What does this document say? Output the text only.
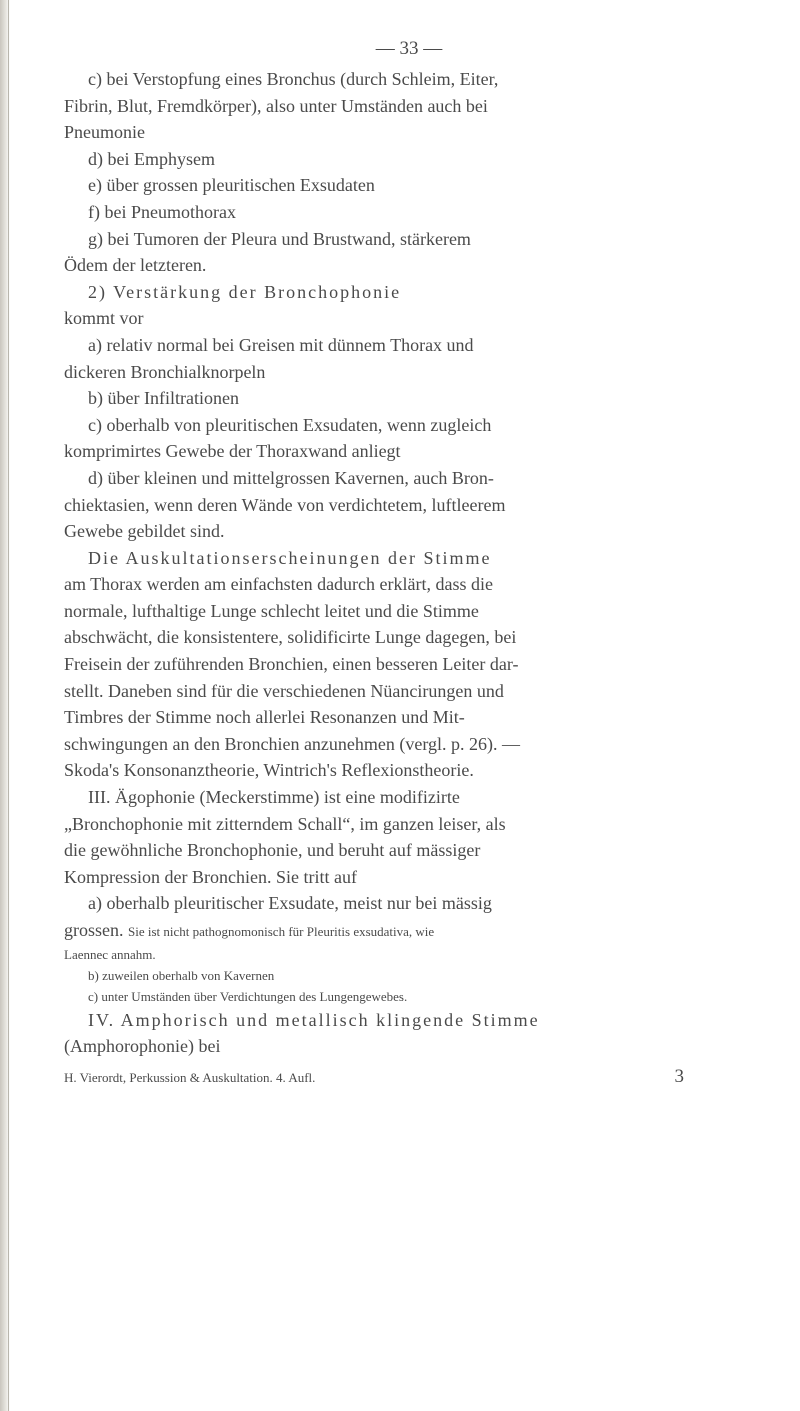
— 33 —
c) bei Verstopfung eines Bronchus (durch Schleim, Eiter,
Fibrin, Blut, Fremdkörper), also unter Umständen auch bei
Pneumonie
d) bei Emphysem
e) über grossen pleuritischen Exsudaten
f) bei Pneumothorax
g) bei Tumoren der Pleura und Brustwand, stärkerem
Ödem der letzteren.
2) Verstärkung der Bronchophonie
kommt vor
a) relativ normal bei Greisen mit dünnem Thorax und
dickeren Bronchialknorpeln
b) über Infiltrationen
c) oberhalb von pleuritischen Exsudaten, wenn zugleich
komprimirtes Gewebe der Thoraxwand anliegt
d) über kleinen und mittelgrossen Kavernen, auch Bron-
chiektasien, wenn deren Wände von verdichtetem, luftleerem
Gewebe gebildet sind.
Die Auskultationserscheinungen der Stimme
am Thorax werden am einfachsten dadurch erklärt, dass die
normale, lufthaltige Lunge schlecht leitet und die Stimme
abschwächt, die konsistentere, solidificirte Lunge dagegen, bei
Freisein der zuführenden Bronchien, einen besseren Leiter dar-
stellt. Daneben sind für die verschiedenen Nüancirungen und
Timbres der Stimme noch allerlei Resonanzen und Mit-
schwingungen an den Bronchien anzunehmen (vergl. p. 26). —
Skoda's Konsonanztheorie, Wintrich's Reflexionstheorie.
III. Ägophonie (Meckerstimme) ist eine modifizirte
„Bronchophonie mit zitterndem Schall“, im ganzen leiser, als
die gewöhnliche Bronchophonie, und beruht auf mässiger
Kompression der Bronchien. Sie tritt auf
a) oberhalb pleuritischer Exsudate, meist nur bei mässig
grossen. Sie ist nicht pathognomonisch für Pleuritis exsudativa, wie
Laennec annahm.
b) zuweilen oberhalb von Kavernen
c) unter Umständen über Verdichtungen des Lungengewebes.
IV. Amphorisch und metallisch klingende Stimme
(Amphorophonie) bei
H. Vierordt, Perkussion & Auskultation. 4. Aufl.	3
